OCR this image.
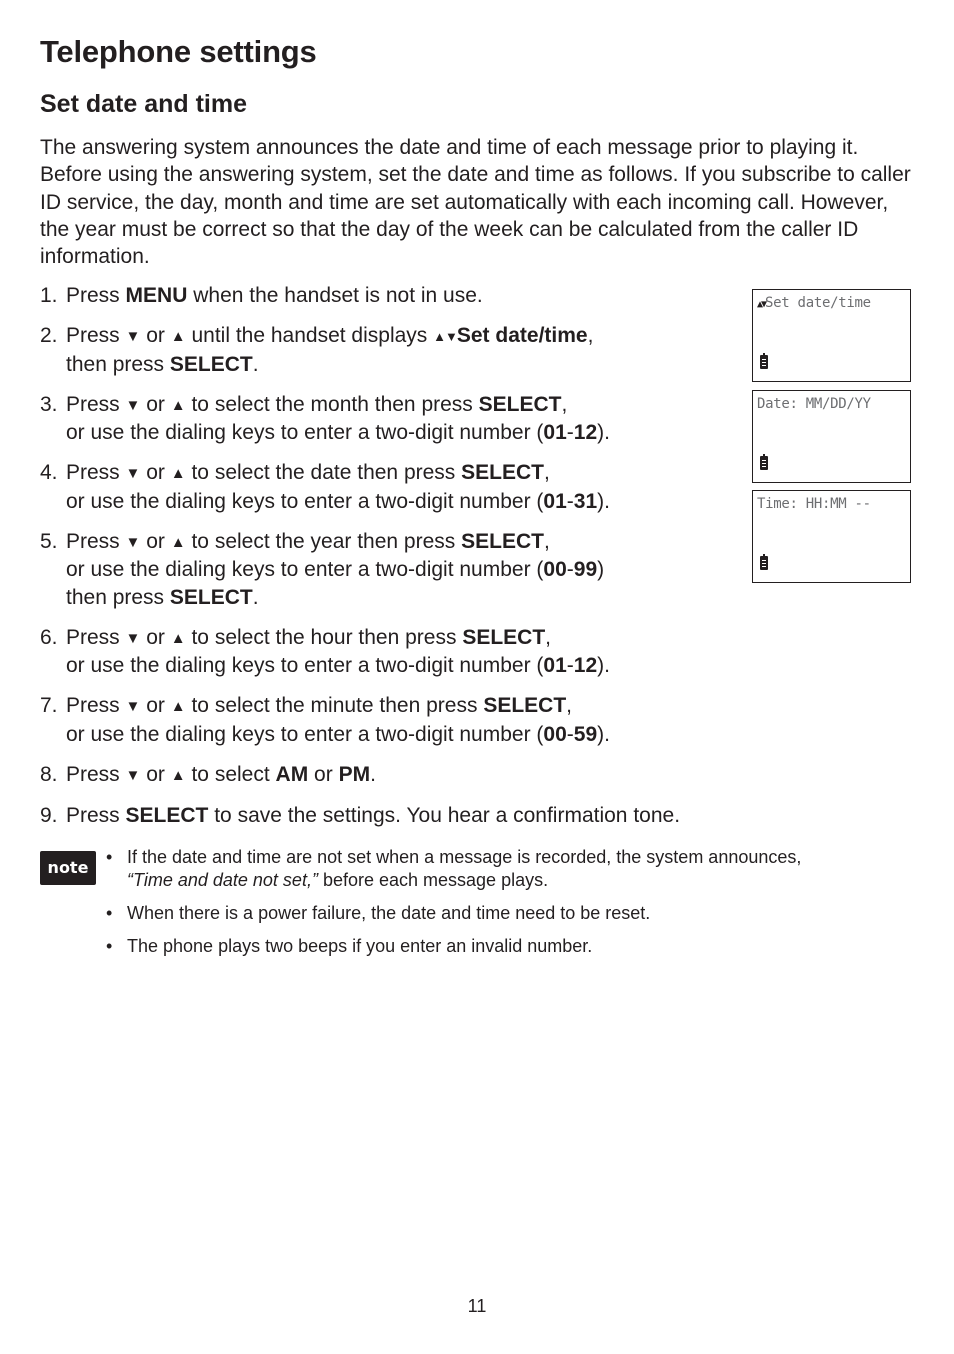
Telephone settings
Set date and time

The answering system announces the date and time of each message prior to playing it. Before using the answering system, set the date and time as follows. If you subscribe to caller ID service, the day, month and time are set automatically with each incoming call. However, the year must be correct so that the day of the week can be calculated from the caller ID information.

1. Press MENU when the handset is not in use.
2. Press ▼ or ▲ until the handset displays ▲▼Set date/time,
then press SELECT.
3. Press ▼ or ▲ to select the month then press SELECT,
or use the dialing keys to enter a two-digit number (01-12).
4. Press ▼ or ▲ to select the date then press SELECT,
or use the dialing keys to enter a two-digit number (01-31).
5. Press ▼ or ▲ to select the year then press SELECT,
or use the dialing keys to enter a two-digit number (00-99)
then press SELECT.
6. Press ▼ or ▲ to select the hour then press SELECT,
or use the dialing keys to enter a two-digit number (01-12).
7. Press ▼ or ▲ to select the minute then press SELECT,
or use the dialing keys to enter a two-digit number (00-59).
8. Press ▼ or ▲ to select AM or PM.
9. Press SELECT to save the settings. You hear a confirmation tone.
▲▼Set date/time
Date: MM/DD/YY
Time: HH:MM --
note
• If the date and time are not set when a message is recorded, the system announces,
“Time and date not set,” before each message plays.
• When there is a power failure, the date and time need to be reset.
• The phone plays two beeps if you enter an invalid number.
11
